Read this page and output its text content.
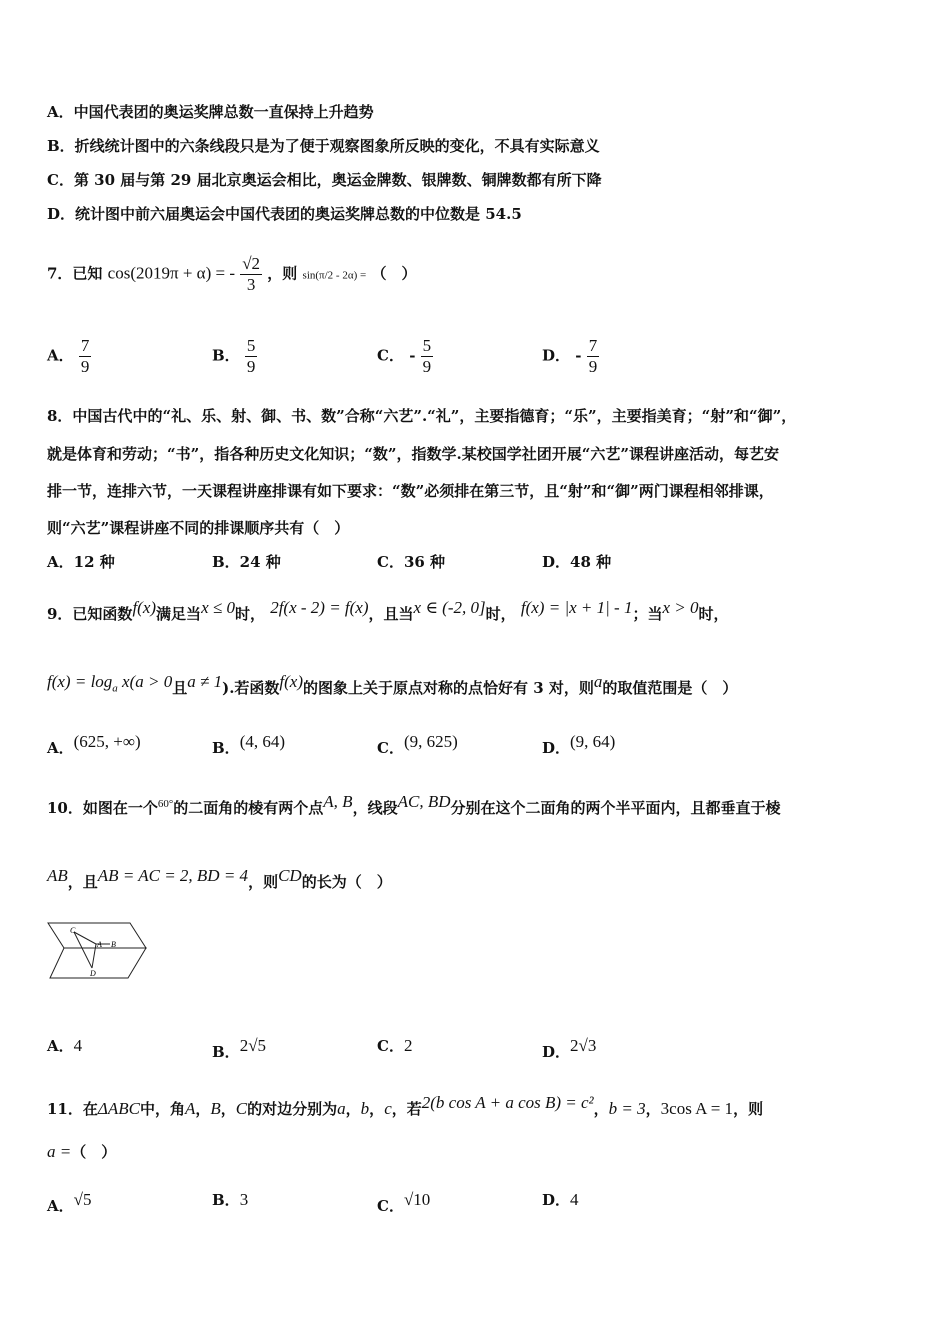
A．中国代表团的奥运奖牌总数一直保持上升趋势
B．折线统计图中的六条线段只是为了便于观察图象所反映的变化，不具有实际意义
C．第 30 届与第 29 届北京奥运会相比，奥运金牌数、银牌数、铜牌数都有所下降
D．统计图中前六届奥运会中国代表团的奥运奖牌总数的中位数是 54.5
7．已知 cos(2019π + α) = - $\frac{√2}{3}$ ，则 sin(π/2 - 2α) = （　）
A． $\frac{7}{9}$	B． $\frac{5}{9}$	C． - $\frac{5}{9}$	D． - $\frac{7}{9}$
8．中国古代中的“礼、乐、射、御、书、数”合称“六艺”.“礼”，主要指德育；“乐”，主要指美育；“射”和“御”，
就是体育和劳动；“书”，指各种历史文化知识；“数”，指数学.某校国学社团开展“六艺”课程讲座活动，每艺安
排一节，连排六节，一天课程讲座排课有如下要求：“数”必须排在第三节，且“射”和“御”两门课程相邻排课，
则“六艺”课程讲座不同的排课顺序共有（　）
A．12 种	B．24 种	C．36 种	D．48 种
9．已知函数$^{f(x)}$满足当$^{x \le 0}$时， $^{2f(x - 2) = f(x)}$，且当$^{x \in (-2, 0]}$时， $^{f(x) = |x + 1| - 1}$；当$^{x > 0}$时，
$^{f(x) = log_a x(a > 0}$且$^{a \ne 1}$).若函数$^{f(x)}$的图象上关于原点对称的点恰好有 3 对，则$^a$的取值范围是（　）
A．$^{(625, +\infty)}$	B．$^{(4, 64)}$	C．$^{(9, 625)}$	D．$^{(9, 64)}$
10．如图在一个$^{60^\circ}$的二面角的棱有两个点$^{A, B}$，线段$^{AC, BD}$分别在这个二面角的两个半平面内，且都垂直于棱
$^{AB}$，且$^{AB = AC = 2, BD = 4}$，则$^{CD}$的长为（　）
C
A B
D
A．4	B．$^{2√5}$	C．2	D．$^{2√3}$
11．在ΔABC中，角A，B，C的对边分别为a，b，c，若$^{2(b cos A + a cos B) = c^2}$，b = 3，3cos A = 1，则
a =（　）
A．$^{√5}$	B．3	C．$^{√10}$	D．4
